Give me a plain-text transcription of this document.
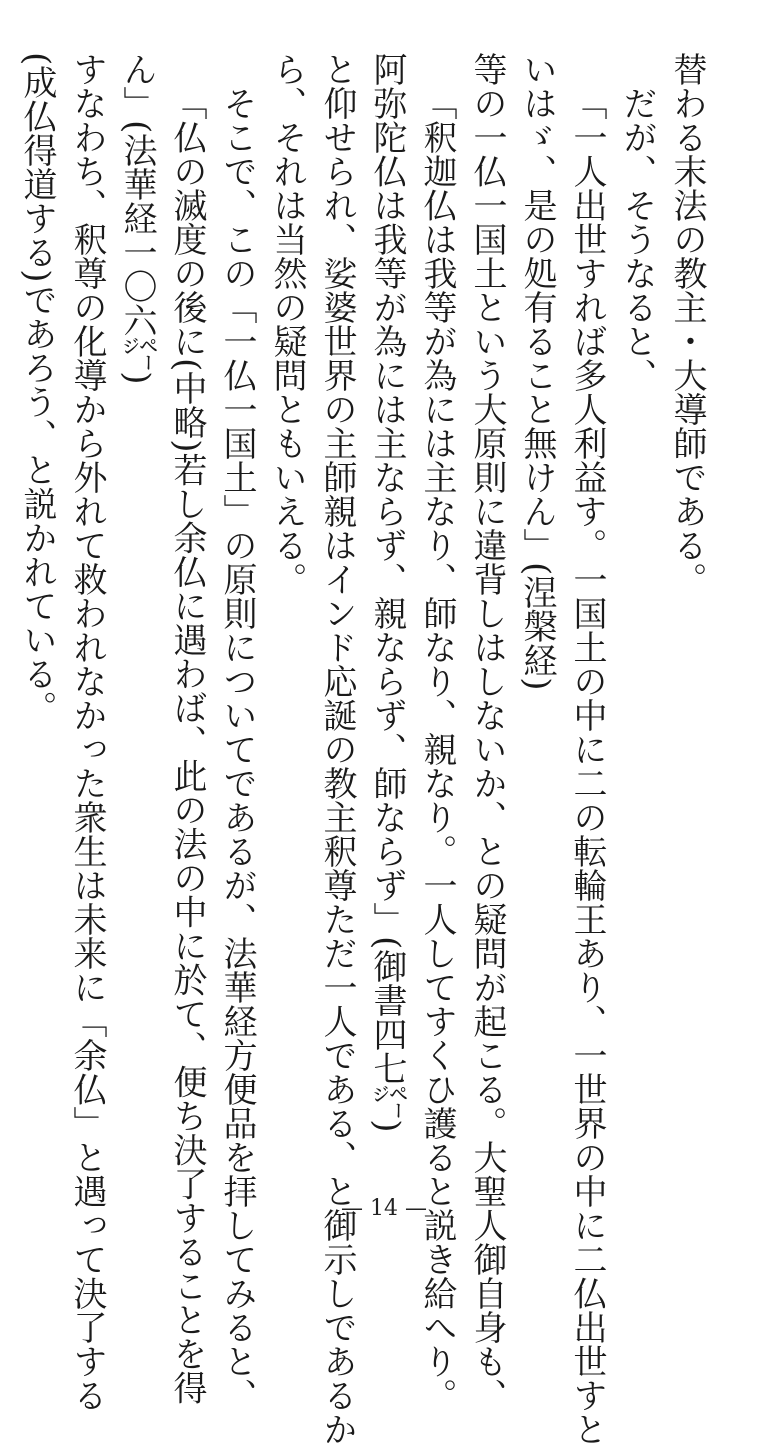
替わる末法の教主・大導師である。
だが、そうなると、
「一人出世すれば多人利益す。一国土の中に二の転輪王あり、一世界の中に二仏出世すと
いはゞ、是の処有ること無けん」(涅槃経)
等の一仏一国土という大原則に違背しはしないか、との疑問が起こる。大聖人御自身も、
「釈迦仏は我等が為には主なり、師なり、親なり。一人してすくひ護ると説き給へり。
阿弥陀仏は我等が為には主ならず、親ならず、師ならず」(御書四七㌻)
と仰せられ、娑婆世界の主師親はインド応誕の教主釈尊ただ一人である、と御示しであるか
ら、それは当然の疑問ともいえる。
そこで、この「一仏一国土」の原則についてであるが、法華経方便品を拝してみると、
「仏の滅度の後に(中略)若し余仏に遇わば、此の法の中に於て、便ち決了することを得
ん」(法華経一〇六㌻)
すなわち、釈尊の化導から外れて救われなかった衆生は未来に「余仏」と遇って決了する
(成仏得道する)であろう、と説かれている。
— 14 —
